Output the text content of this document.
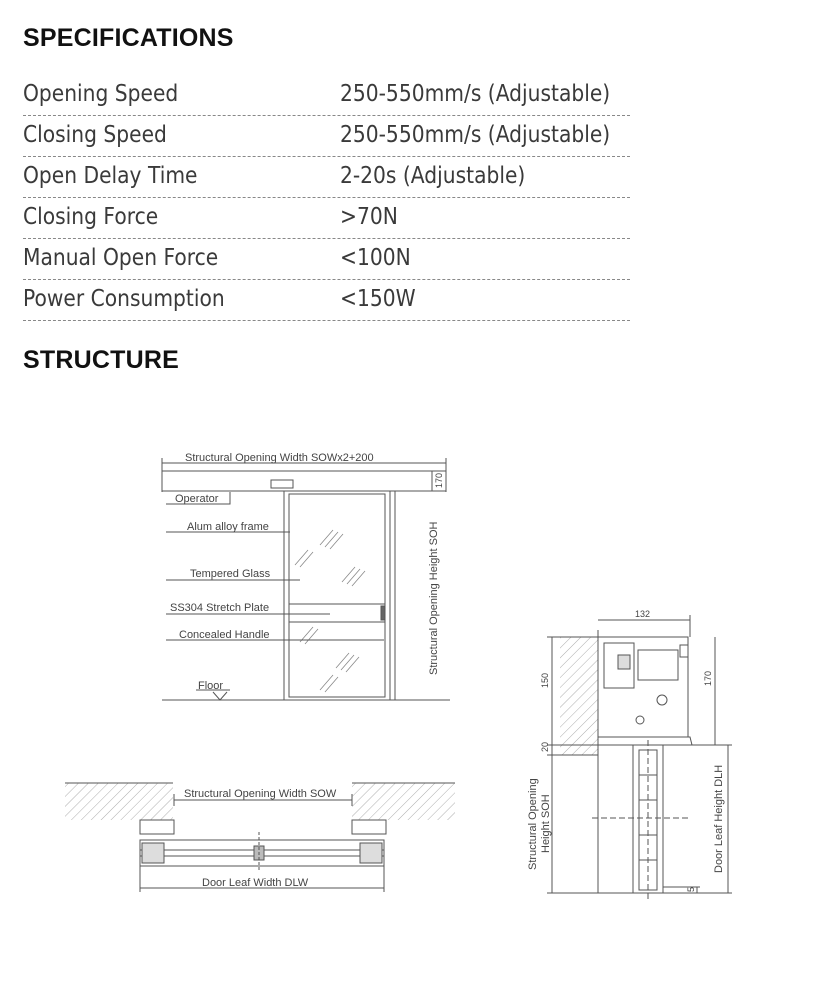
SPECIFICATIONS
Opening Speed	250-550mm/s (Adjustable)
Closing Speed	250-550mm/s (Adjustable)
Open Delay Time	2-20s (Adjustable)
Closing Force	>70N
Manual Open Force	<100N
Power Consumption	<150W
STRUCTURE
Structural Opening Width SOWx2+200
170
Structural Opening Height SOH
Operator
Alum alloy frame
Tempered Glass
SS304 Stretch Plate
Concealed Handle
Floor
Structural Opening Width SOW
Door Leaf Width DLW
132
150	170
20
5
Structural Opening Height SOH	Door Leaf Height DLH
